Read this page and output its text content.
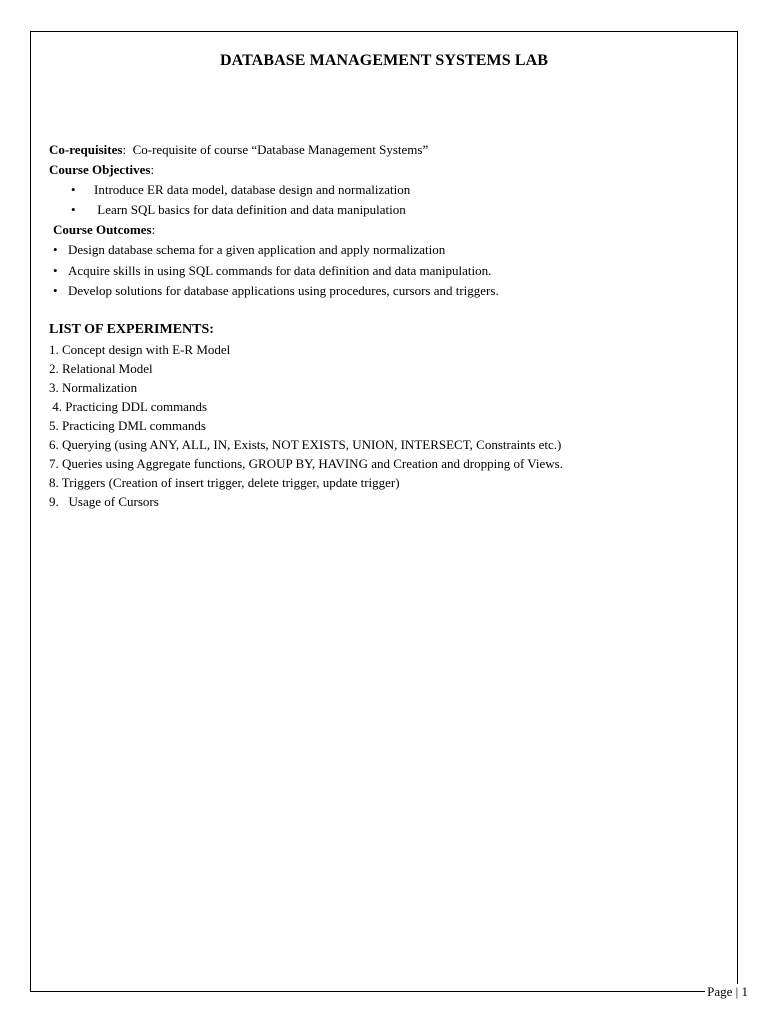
DATABASE MANAGEMENT SYSTEMS LAB
Co-requisites: Co-requisite of course “Database Management Systems”
Course Objectives:
• Introduce ER data model, database design and normalization
• Learn SQL basics for data definition and data manipulation
Course Outcomes:
• Design database schema for a given application and apply normalization
• Acquire skills in using SQL commands for data definition and data manipulation.
• Develop solutions for database applications using procedures, cursors and triggers.
LIST OF EXPERIMENTS:
1. Concept design with E-R Model
2. Relational Model
3. Normalization
4. Practicing DDL commands
5. Practicing DML commands
6. Querying (using ANY, ALL, IN, Exists, NOT EXISTS, UNION, INTERSECT, Constraints etc.)
7. Queries using Aggregate functions, GROUP BY, HAVING and Creation and dropping of Views.
8. Triggers (Creation of insert trigger, delete trigger, update trigger)
9.   Usage of Cursors
Page | 1
